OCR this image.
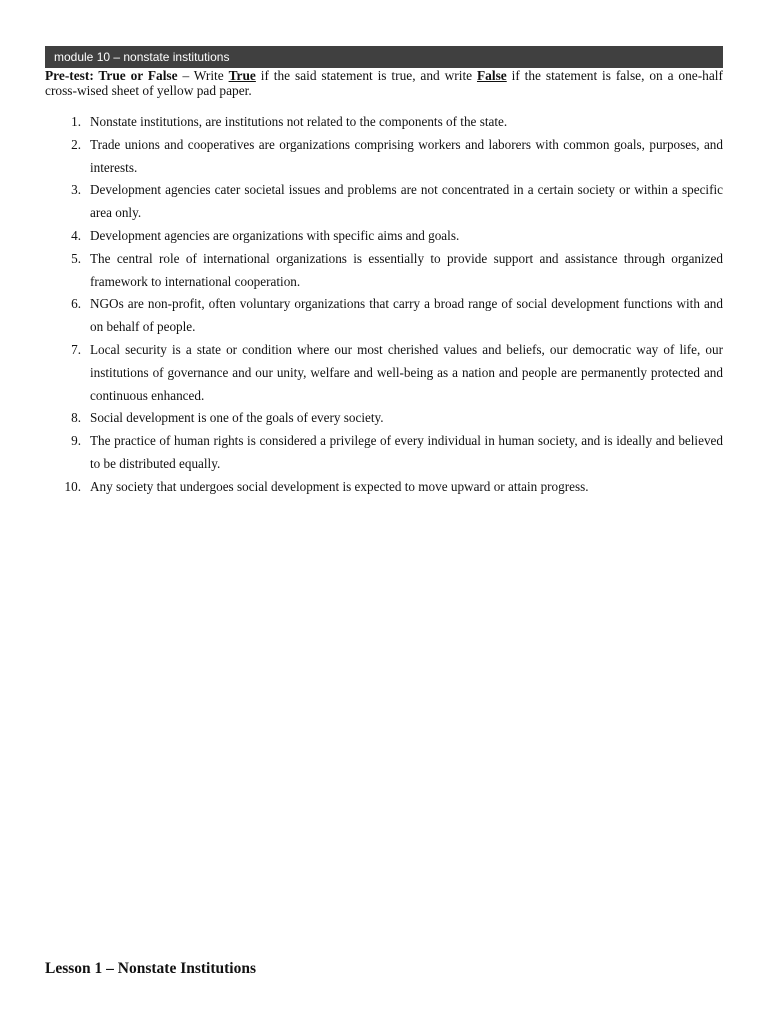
module 10 – nonstate institutions
Pre-test: True or False – Write True if the said statement is true, and write False if the statement is false, on a one-half cross-wised sheet of yellow pad paper.
1. Nonstate institutions, are institutions not related to the components of the state.
2. Trade unions and cooperatives are organizations comprising workers and laborers with common goals, purposes, and interests.
3. Development agencies cater societal issues and problems are not concentrated in a certain society or within a specific area only.
4. Development agencies are organizations with specific aims and goals.
5. The central role of international organizations is essentially to provide support and assistance through organized framework to international cooperation.
6. NGOs are non-profit, often voluntary organizations that carry a broad range of social development functions with and on behalf of people.
7. Local security is a state or condition where our most cherished values and beliefs, our democratic way of life, our institutions of governance and our unity, welfare and well-being as a nation and people are permanently protected and continuous enhanced.
8. Social development is one of the goals of every society.
9. The practice of human rights is considered a privilege of every individual in human society, and is ideally and believed to be distributed equally.
10. Any society that undergoes social development is expected to move upward or attain progress.
Lesson 1 – Nonstate Institutions
